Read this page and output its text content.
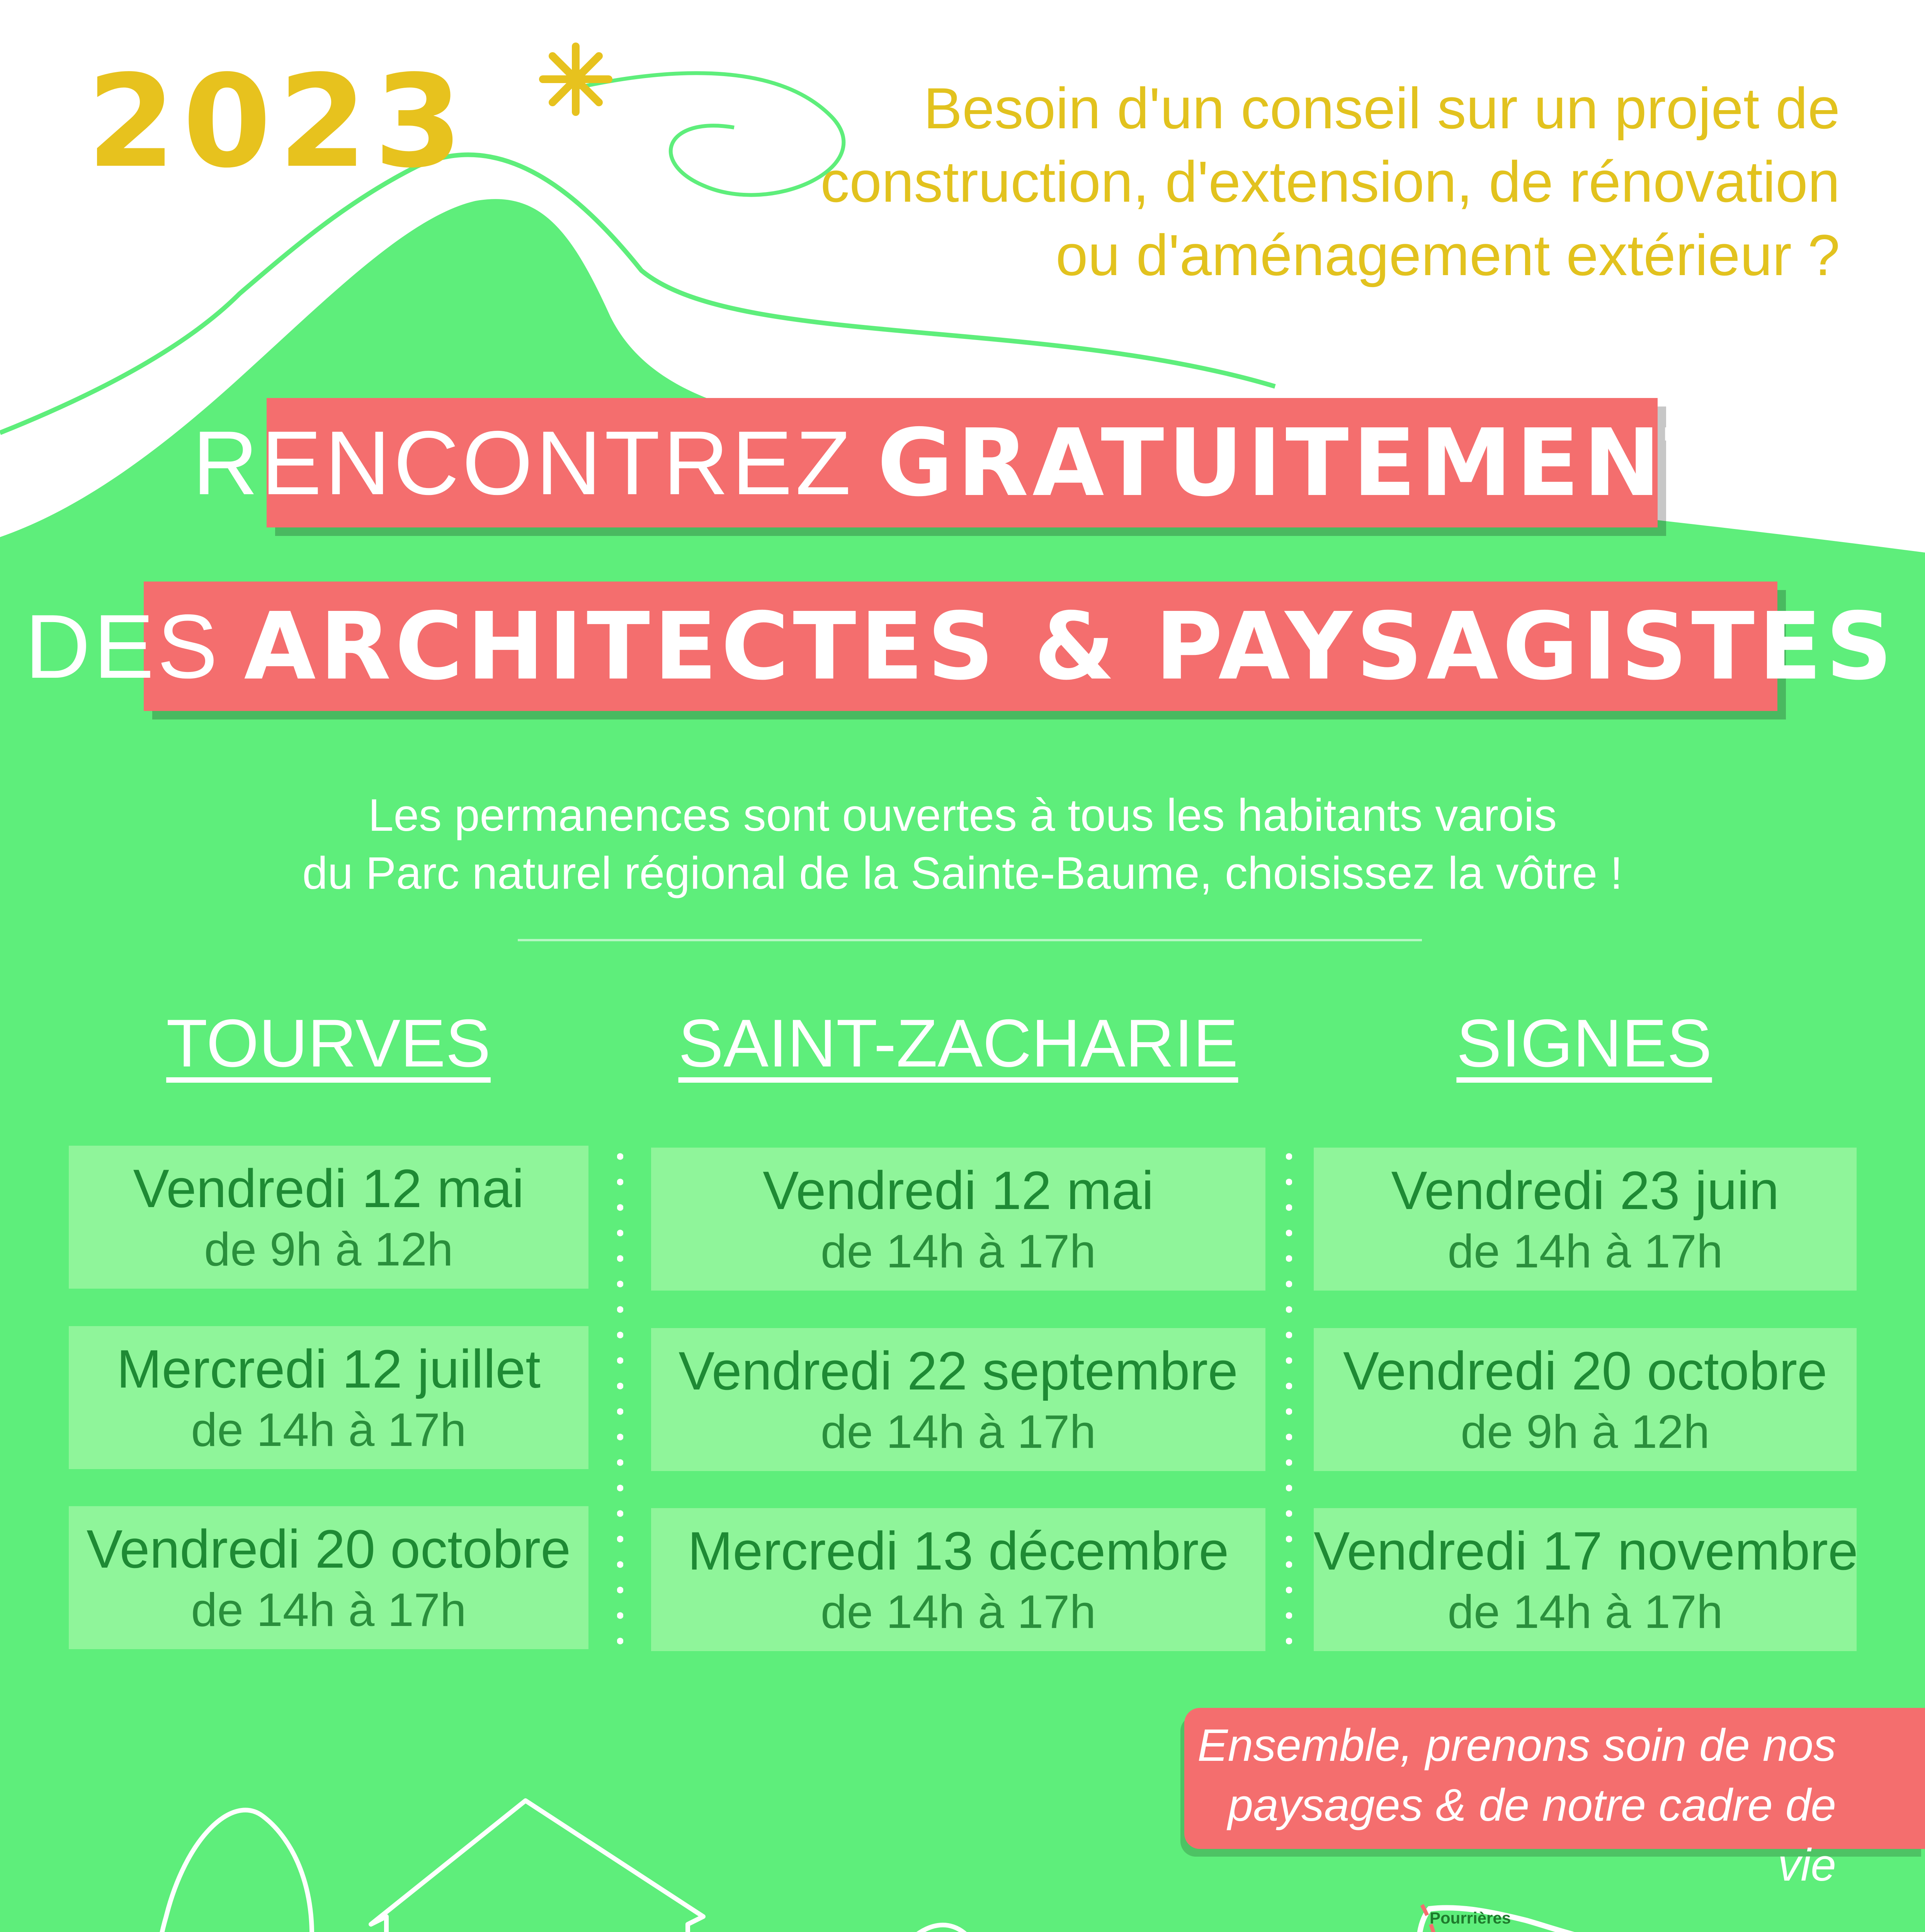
2023	Besoin d'un conseil sur un projet de
construction, d'extension, de rénovation
ou d'aménagement extérieur ?
RENCONTREZ GRATUITEMENT
DES ARCHITECTES & PAYSAGISTES
Les permanences sont ouvertes à tous les habitants varois
du Parc naturel régional de la Sainte-Baume, choisissez la vôtre !
TOURVES
Vendredi 12 mai
de 9h à 12h
Mercredi 12 juillet
de 14h à 17h
Vendredi 20 octobre
de 14h à 17h
SAINT-ZACHARIE
Vendredi 12 mai
de 14h à 17h
Vendredi 22 septembre
de 14h à 17h
Mercredi 13 décembre
de 14h à 17h
SIGNES
Vendredi 23 juin
de 14h à 17h
Vendredi 20 octobre
de 9h à 12h
Vendredi 17 novembre
de 14h à 17h
Ensemble, prenons soin de nos
paysages & de notre cadre de vie
Pourrières
